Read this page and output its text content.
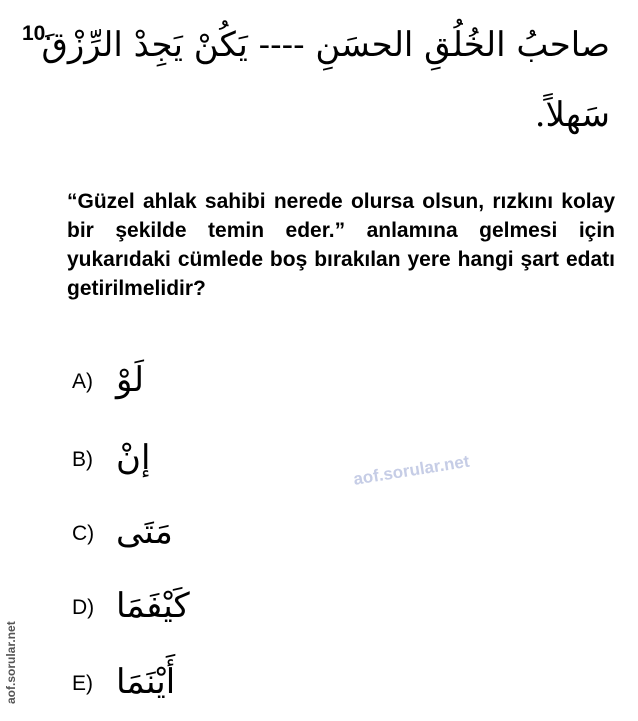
10.
صاحبُ الخُلُقِ الحسَنِ ---- يَكُنْ يَجِدْ الرِّزْقَ
سَهلاً.
“Güzel ahlak sahibi nerede olursa olsun, rızkını kolay bir şekilde temin eder.” anlamına gelmesi için yukarıdaki cümlede boş bırakılan yere hangi şart edatı getirilmelidir?
A) لَوْ
B) إنْ
C) مَتَى
D) كَيْفَمَا
E) أَيْنَمَا
aof.sorular.net
aof.sorular.net
